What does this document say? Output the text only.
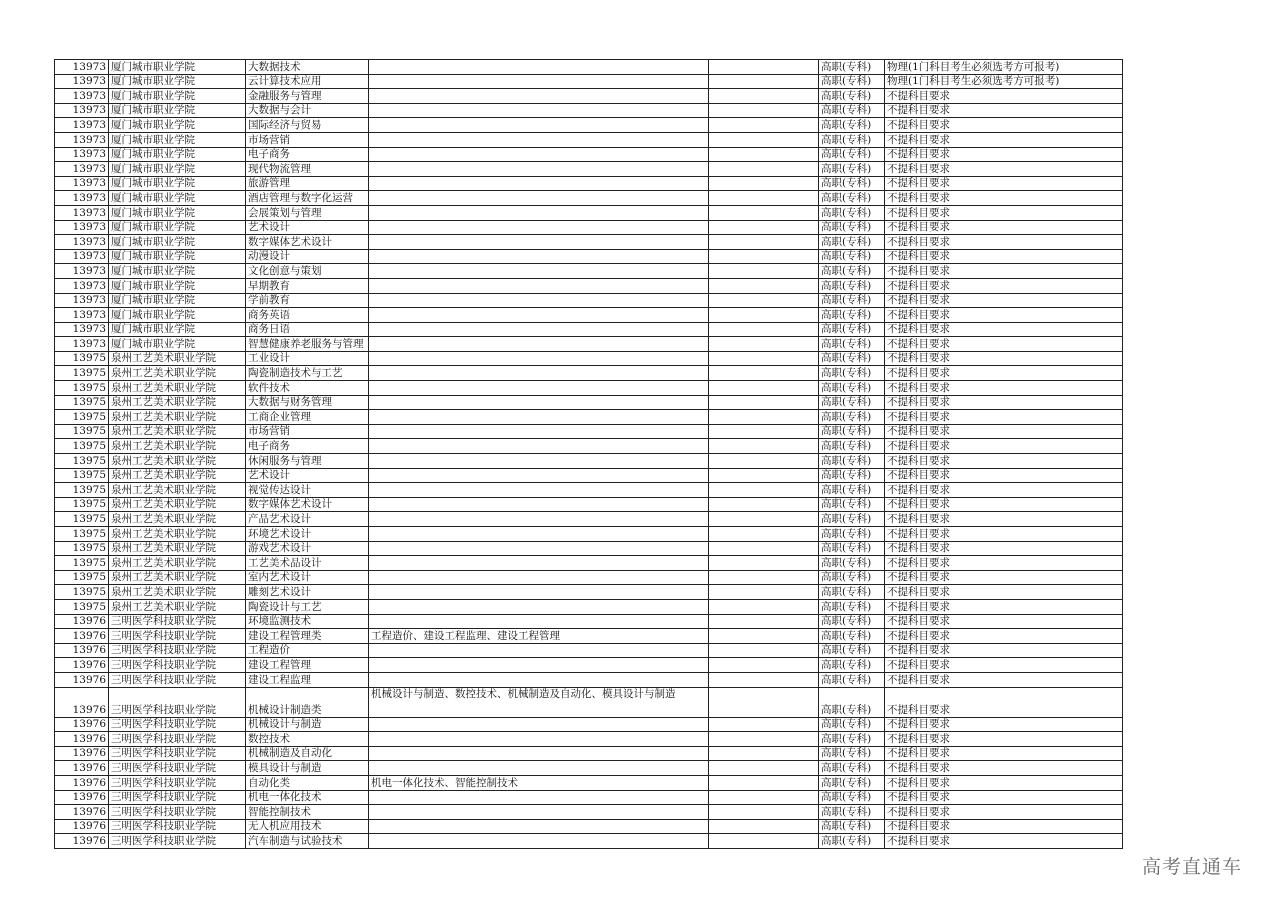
13973	厦门城市职业学院	大数据技术			高职(专科)	物理(1门科目考生必须选考方可报考)
13973	厦门城市职业学院	云计算技术应用			高职(专科)	物理(1门科目考生必须选考方可报考)
13973	厦门城市职业学院	金融服务与管理			高职(专科)	不提科目要求
13973	厦门城市职业学院	大数据与会计			高职(专科)	不提科目要求
13973	厦门城市职业学院	国际经济与贸易			高职(专科)	不提科目要求
13973	厦门城市职业学院	市场营销			高职(专科)	不提科目要求
13973	厦门城市职业学院	电子商务			高职(专科)	不提科目要求
13973	厦门城市职业学院	现代物流管理			高职(专科)	不提科目要求
13973	厦门城市职业学院	旅游管理			高职(专科)	不提科目要求
13973	厦门城市职业学院	酒店管理与数字化运营			高职(专科)	不提科目要求
13973	厦门城市职业学院	会展策划与管理			高职(专科)	不提科目要求
13973	厦门城市职业学院	艺术设计			高职(专科)	不提科目要求
13973	厦门城市职业学院	数字媒体艺术设计			高职(专科)	不提科目要求
13973	厦门城市职业学院	动漫设计			高职(专科)	不提科目要求
13973	厦门城市职业学院	文化创意与策划			高职(专科)	不提科目要求
13973	厦门城市职业学院	早期教育			高职(专科)	不提科目要求
13973	厦门城市职业学院	学前教育			高职(专科)	不提科目要求
13973	厦门城市职业学院	商务英语			高职(专科)	不提科目要求
13973	厦门城市职业学院	商务日语			高职(专科)	不提科目要求
13973	厦门城市职业学院	智慧健康养老服务与管理			高职(专科)	不提科目要求
13975	泉州工艺美术职业学院	工业设计			高职(专科)	不提科目要求
13975	泉州工艺美术职业学院	陶瓷制造技术与工艺			高职(专科)	不提科目要求
13975	泉州工艺美术职业学院	软件技术			高职(专科)	不提科目要求
13975	泉州工艺美术职业学院	大数据与财务管理			高职(专科)	不提科目要求
13975	泉州工艺美术职业学院	工商企业管理			高职(专科)	不提科目要求
13975	泉州工艺美术职业学院	市场营销			高职(专科)	不提科目要求
13975	泉州工艺美术职业学院	电子商务			高职(专科)	不提科目要求
13975	泉州工艺美术职业学院	休闲服务与管理			高职(专科)	不提科目要求
13975	泉州工艺美术职业学院	艺术设计			高职(专科)	不提科目要求
13975	泉州工艺美术职业学院	视觉传达设计			高职(专科)	不提科目要求
13975	泉州工艺美术职业学院	数字媒体艺术设计			高职(专科)	不提科目要求
13975	泉州工艺美术职业学院	产品艺术设计			高职(专科)	不提科目要求
13975	泉州工艺美术职业学院	环境艺术设计			高职(专科)	不提科目要求
13975	泉州工艺美术职业学院	游戏艺术设计			高职(专科)	不提科目要求
13975	泉州工艺美术职业学院	工艺美术品设计			高职(专科)	不提科目要求
13975	泉州工艺美术职业学院	室内艺术设计			高职(专科)	不提科目要求
13975	泉州工艺美术职业学院	雕刻艺术设计			高职(专科)	不提科目要求
13975	泉州工艺美术职业学院	陶瓷设计与工艺			高职(专科)	不提科目要求
13976	三明医学科技职业学院	环境监测技术			高职(专科)	不提科目要求
13976	三明医学科技职业学院	建设工程管理类	工程造价、建设工程监理、建设工程管理		高职(专科)	不提科目要求
13976	三明医学科技职业学院	工程造价			高职(专科)	不提科目要求
13976	三明医学科技职业学院	建设工程管理			高职(专科)	不提科目要求
13976	三明医学科技职业学院	建设工程监理			高职(专科)	不提科目要求
13976	三明医学科技职业学院	机械设计制造类	机械设计与制造、数控技术、机械制造及自动化、模具设计与制造		高职(专科)	不提科目要求
13976	三明医学科技职业学院	机械设计与制造			高职(专科)	不提科目要求
13976	三明医学科技职业学院	数控技术			高职(专科)	不提科目要求
13976	三明医学科技职业学院	机械制造及自动化			高职(专科)	不提科目要求
13976	三明医学科技职业学院	模具设计与制造			高职(专科)	不提科目要求
13976	三明医学科技职业学院	自动化类	机电一体化技术、智能控制技术		高职(专科)	不提科目要求
13976	三明医学科技职业学院	机电一体化技术			高职(专科)	不提科目要求
13976	三明医学科技职业学院	智能控制技术			高职(专科)	不提科目要求
13976	三明医学科技职业学院	无人机应用技术			高职(专科)	不提科目要求
13976	三明医学科技职业学院	汽车制造与试验技术			高职(专科)	不提科目要求
高考直通车
